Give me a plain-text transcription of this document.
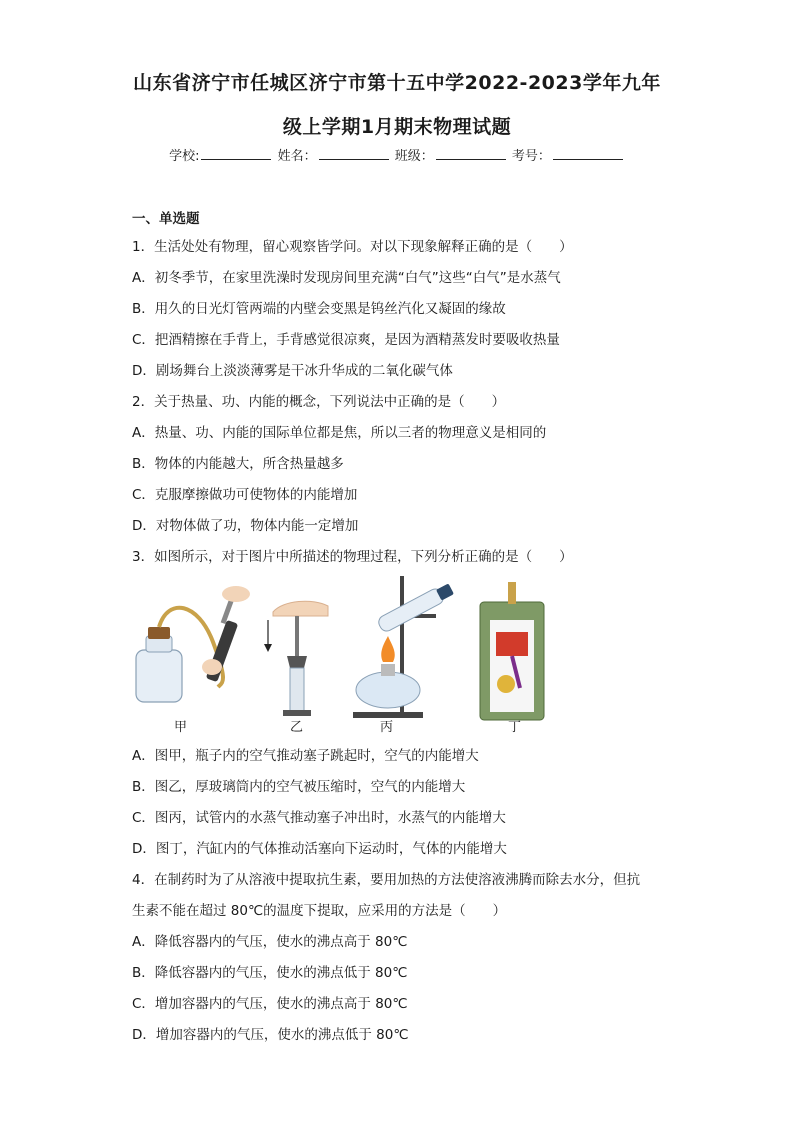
山东省济宁市任城区济宁市第十五中学2022-2023学年九年
级上学期1月期末物理试题
学校:	姓名：	班级：	考号：
一、单选题
1．生活处处有物理，留心观察皆学问。对以下现象解释正确的是（　　）
A．初冬季节，在家里洗澡时发现房间里充满“白气”这些“白气”是水蒸气
B．用久的日光灯管两端的内壁会变黑是钨丝汽化又凝固的缘故
C．把酒精擦在手背上，手背感觉很凉爽，是因为酒精蒸发时要吸收热量
D．剧场舞台上淡淡薄雾是干冰升华成的二氧化碳气体
2．关于热量、功、内能的概念，下列说法中正确的是（　　）
A．热量、功、内能的国际单位都是焦，所以三者的物理意义是相同的
B．物体的内能越大，所含热量越多
C．克服摩擦做功可使物体的内能增加
D．对物体做了功，物体内能一定增加
3．如图所示，对于图片中所描述的物理过程，下列分析正确的是（　　）
甲	乙	丙	丁
A．图甲，瓶子内的空气推动塞子跳起时，空气的内能增大
B．图乙，厚玻璃筒内的空气被压缩时，空气的内能增大
C．图丙，试管内的水蒸气推动塞子冲出时，水蒸气的内能增大
D．图丁，汽缸内的气体推动活塞向下运动时，气体的内能增大
4．在制药时为了从溶液中提取抗生素，要用加热的方法使溶液沸腾而除去水分，但抗
生素不能在超过 80℃的温度下提取，应采用的方法是（　　）
A．降低容器内的气压，使水的沸点高于 80℃
B．降低容器内的气压，使水的沸点低于 80℃
C．增加容器内的气压，使水的沸点高于 80℃
D．增加容器内的气压，使水的沸点低于 80℃
